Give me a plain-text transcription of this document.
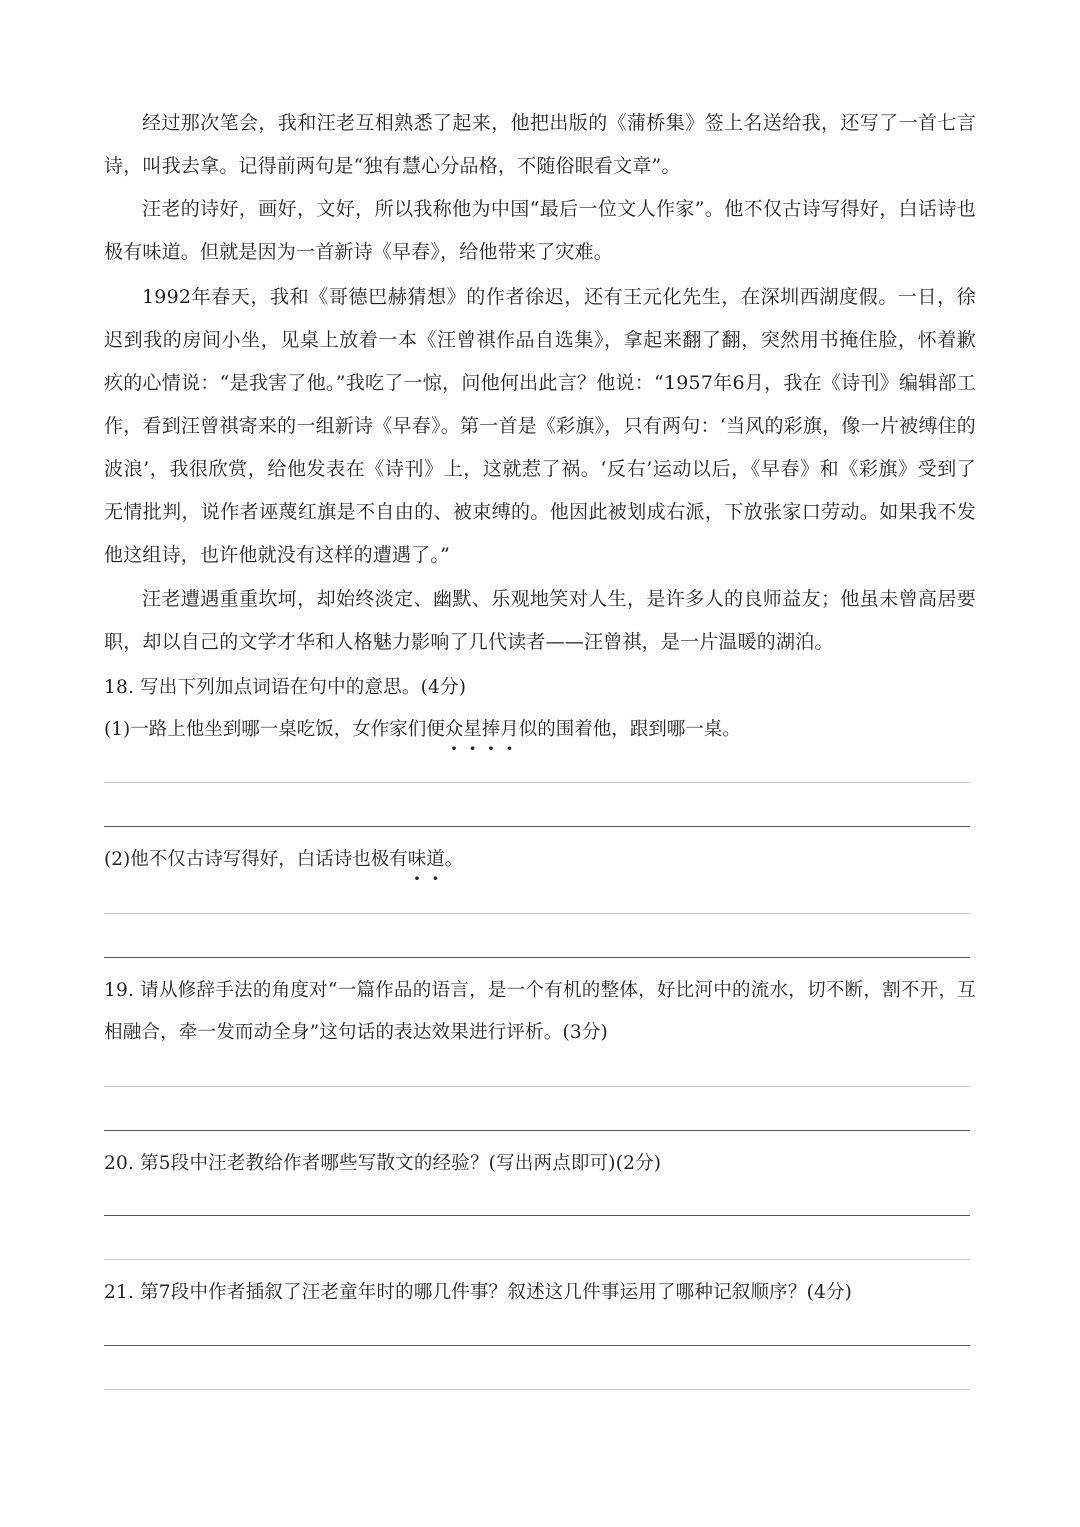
经过那次笔会，我和汪老互相熟悉了起来，他把出版的《蒲桥集》签上名送给我，还写了一首七言诗，叫我去拿。记得前两句是“独有慧心分品格，不随俗眼看文章”。

汪老的诗好，画好，文好，所以我称他为中国“最后一位文人作家”。他不仅古诗写得好，白话诗也极有味道。但就是因为一首新诗《早春》，给他带来了灾难。

1992年春天，我和《哥德巴赫猜想》的作者徐迟，还有王元化先生，在深圳西湖度假。一日，徐迟到我的房间小坐，见桌上放着一本《汪曾祺作品自选集》，拿起来翻了翻，突然用书掩住脸，怀着歉疚的心情说：“是我害了他。”我吃了一惊，问他何出此言？他说：“1957年6月，我在《诗刊》编辑部工作，看到汪曾祺寄来的一组新诗《早春》。第一首是《彩旗》，只有两句：‘当风的彩旗，像一片被缚住的波浪’，我很欣赏，给他发表在《诗刊》上，这就惹了祸。‘反右’运动以后，《早春》和《彩旗》受到了无情批判，说作者诬蔑红旗是不自由的、被束缚的。他因此被划成右派，下放张家口劳动。如果我不发他这组诗，也许他就没有这样的遭遇了。”

汪老遭遇重重坎坷，却始终淡定、幽默、乐观地笑对人生，是许多人的良师益友；他虽未曾高居要职，却以自己的文学才华和人格魅力影响了几代读者——汪曾祺，是一片温暖的湖泊。

18. 写出下列加点词语在句中的意思。(4分)

(1)一路上他坐到哪一桌吃饭，女作家们便众星捧月似的围着他，跟到哪一桌。

(2)他不仅古诗写得好，白话诗也极有味道。

19. 请从修辞手法的角度对“一篇作品的语言，是一个有机的整体，好比河中的流水，切不断，割不开，互相融合，牵一发而动全身”这句话的表达效果进行评析。(3分)

20. 第5段中汪老教给作者哪些写散文的经验？(写出两点即可)(2分)

21. 第7段中作者插叙了汪老童年时的哪几件事？叙述这几件事运用了哪种记叙顺序？(4分)
